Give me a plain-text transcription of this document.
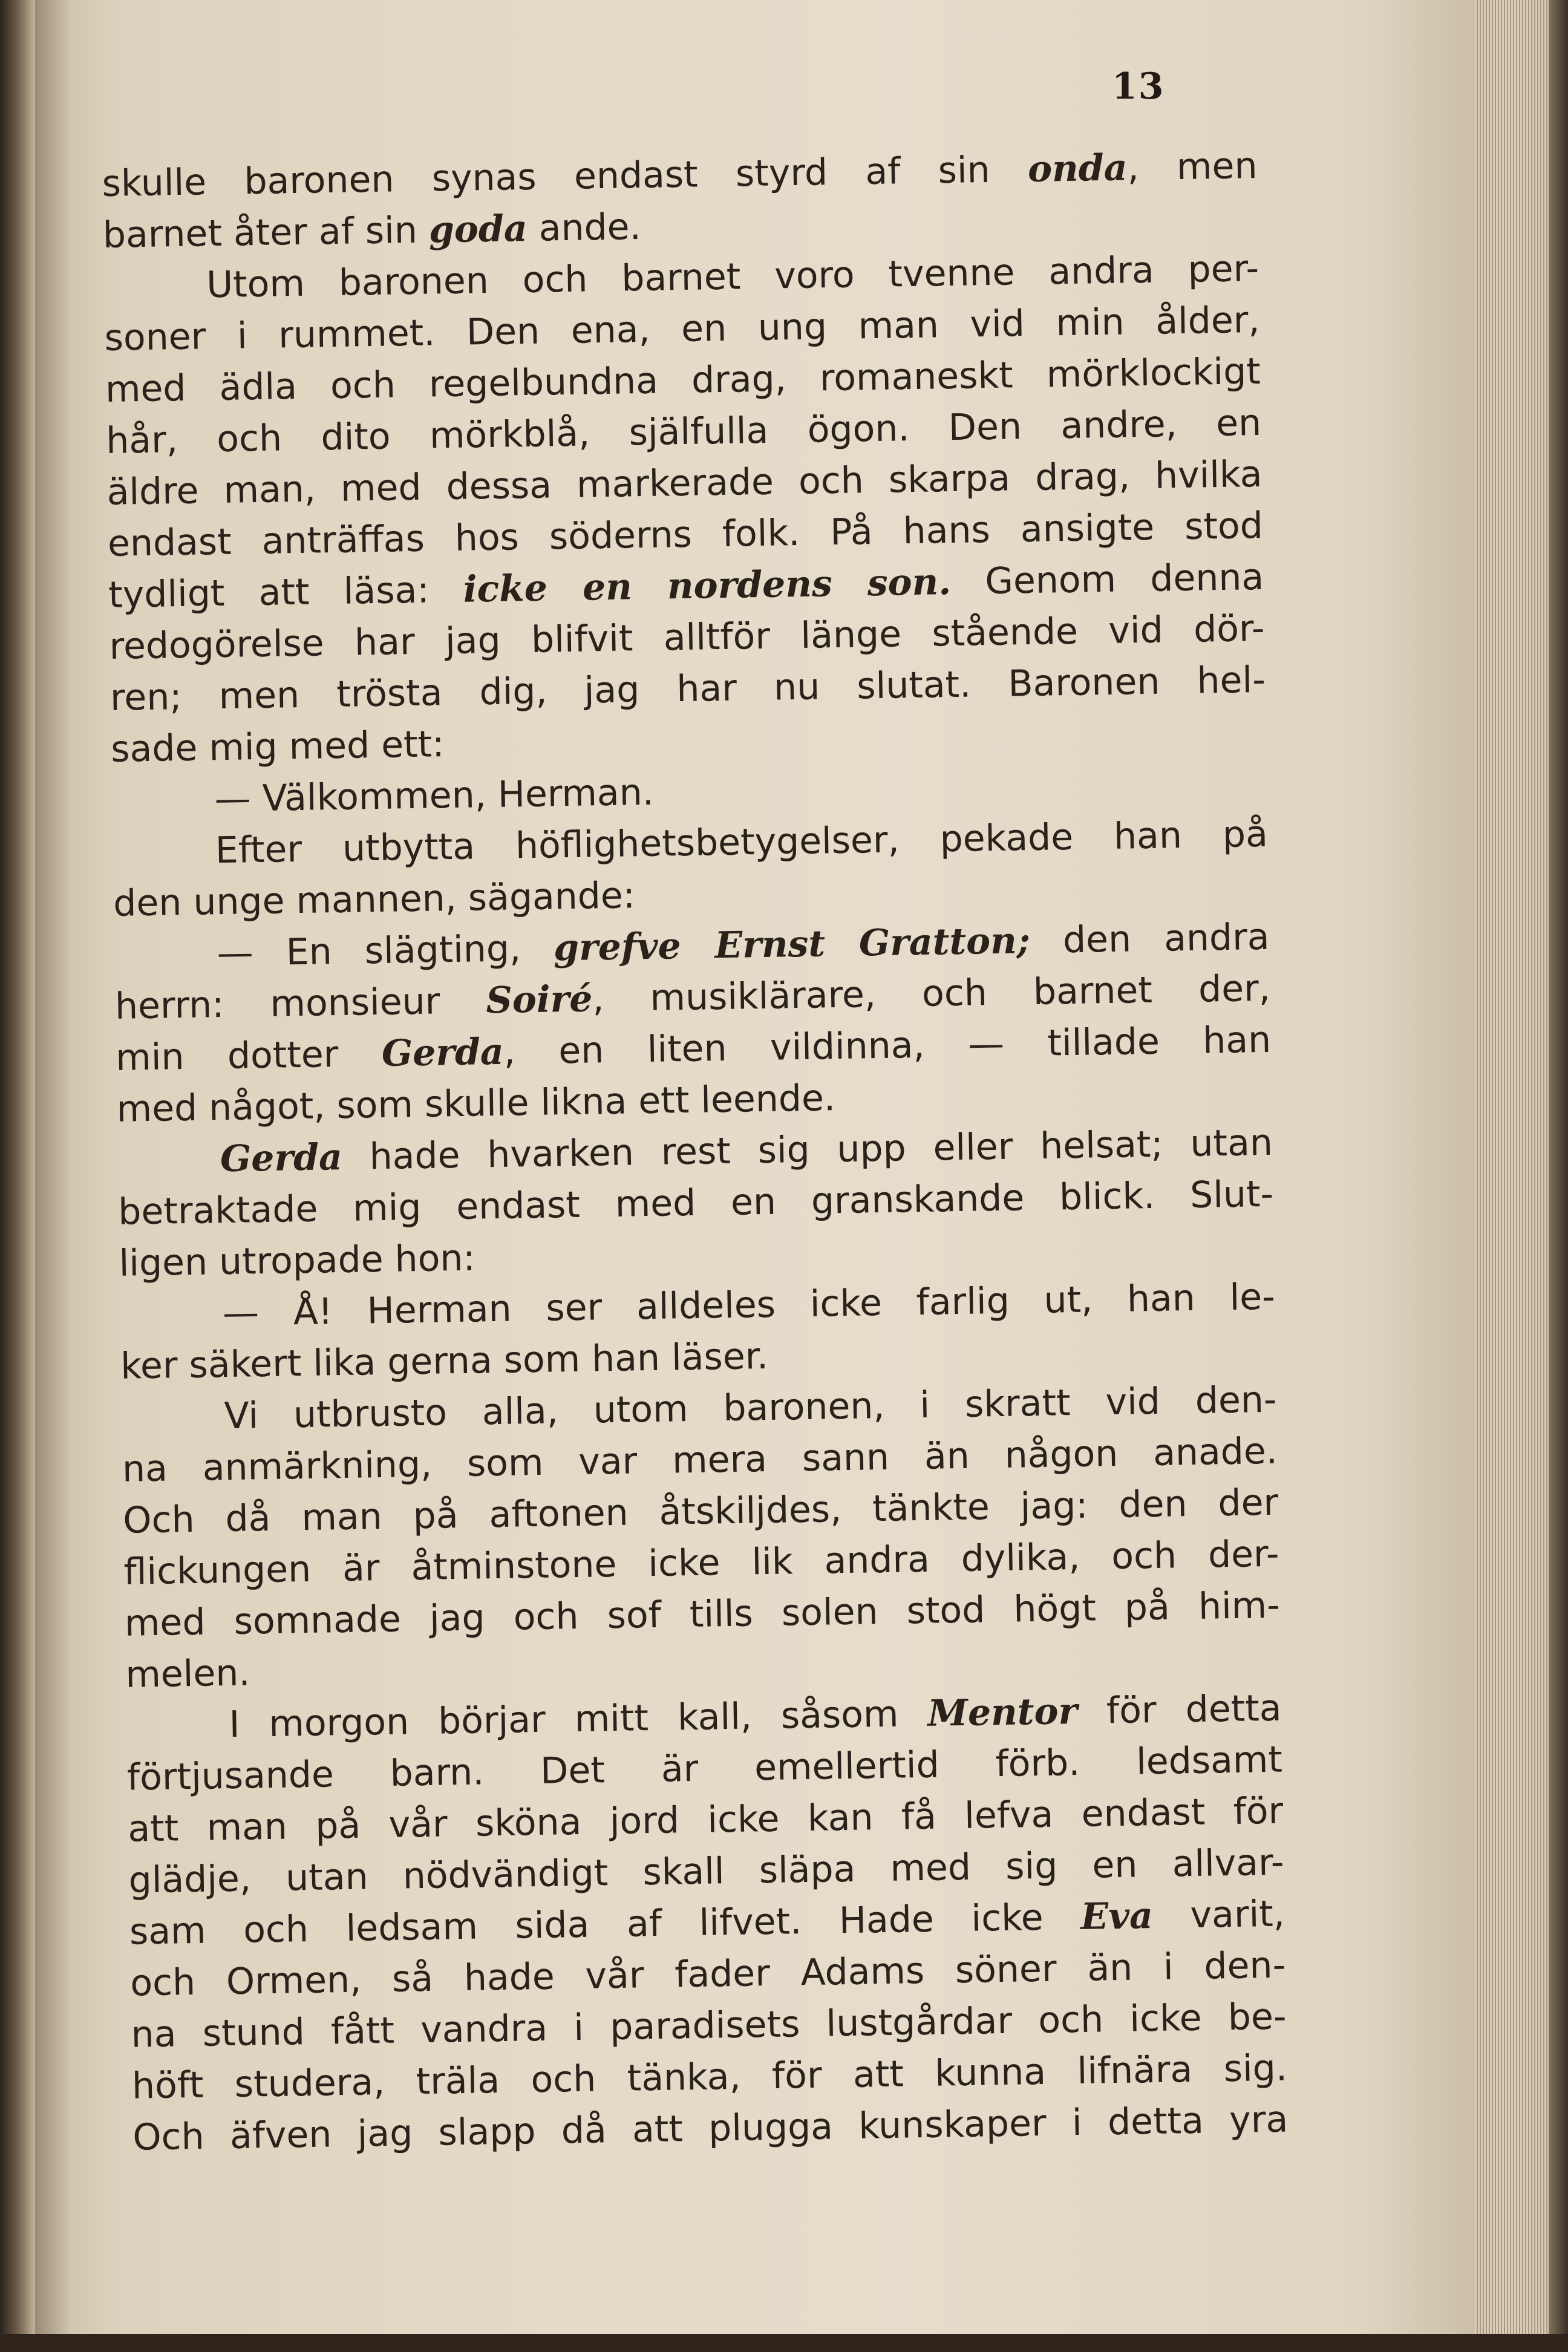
13
skulle baronen synas endast styrd af sin onda, men
barnet åter af sin goda ande.
Utom baronen och barnet voro tvenne andra per-
soner i rummet. Den ena, en ung man vid min ålder,
med ädla och regelbundna drag, romaneskt mörklockigt
hår, och dito mörkblå, själfulla ögon. Den andre, en
äldre man, med dessa markerade och skarpa drag, hvilka
endast anträffas hos söderns folk. På hans ansigte stod
tydligt att läsa: icke en nordens son. Genom denna
redogörelse har jag blifvit alltför länge stående vid dör-
ren; men trösta dig, jag har nu slutat. Baronen hel-
sade mig med ett:
— Välkommen, Herman.
Efter utbytta höflighetsbetygelser, pekade han på
den unge mannen, sägande:
— En slägting, grefve Ernst Gratton; den andra
herrn: monsieur Soiré, musiklärare, och barnet der,
min dotter Gerda, en liten vildinna, — tillade han
med något, som skulle likna ett leende.
Gerda hade hvarken rest sig upp eller helsat; utan
betraktade mig endast med en granskande blick. Slut-
ligen utropade hon:
— Å! Herman ser alldeles icke farlig ut, han le-
ker säkert lika gerna som han läser.
Vi utbrusto alla, utom baronen, i skratt vid den-
na anmärkning, som var mera sann än någon anade.
Och då man på aftonen åtskiljdes, tänkte jag: den der
flickungen är åtminstone icke lik andra dylika, och der-
med somnade jag och sof tills solen stod högt på him-
melen.
I morgon börjar mitt kall, såsom Mentor för detta
förtjusande barn. Det är emellertid förb. ledsamt
att man på vår sköna jord icke kan få lefva endast för
glädje, utan nödvändigt skall släpa med sig en allvar-
sam och ledsam sida af lifvet. Hade icke Eva varit,
och Ormen, så hade vår fader Adams söner än i den-
na stund fått vandra i paradisets lustgårdar och icke be-
höft studera, träla och tänka, för att kunna lifnära sig.
Och äfven jag slapp då att plugga kunskaper i detta yra
